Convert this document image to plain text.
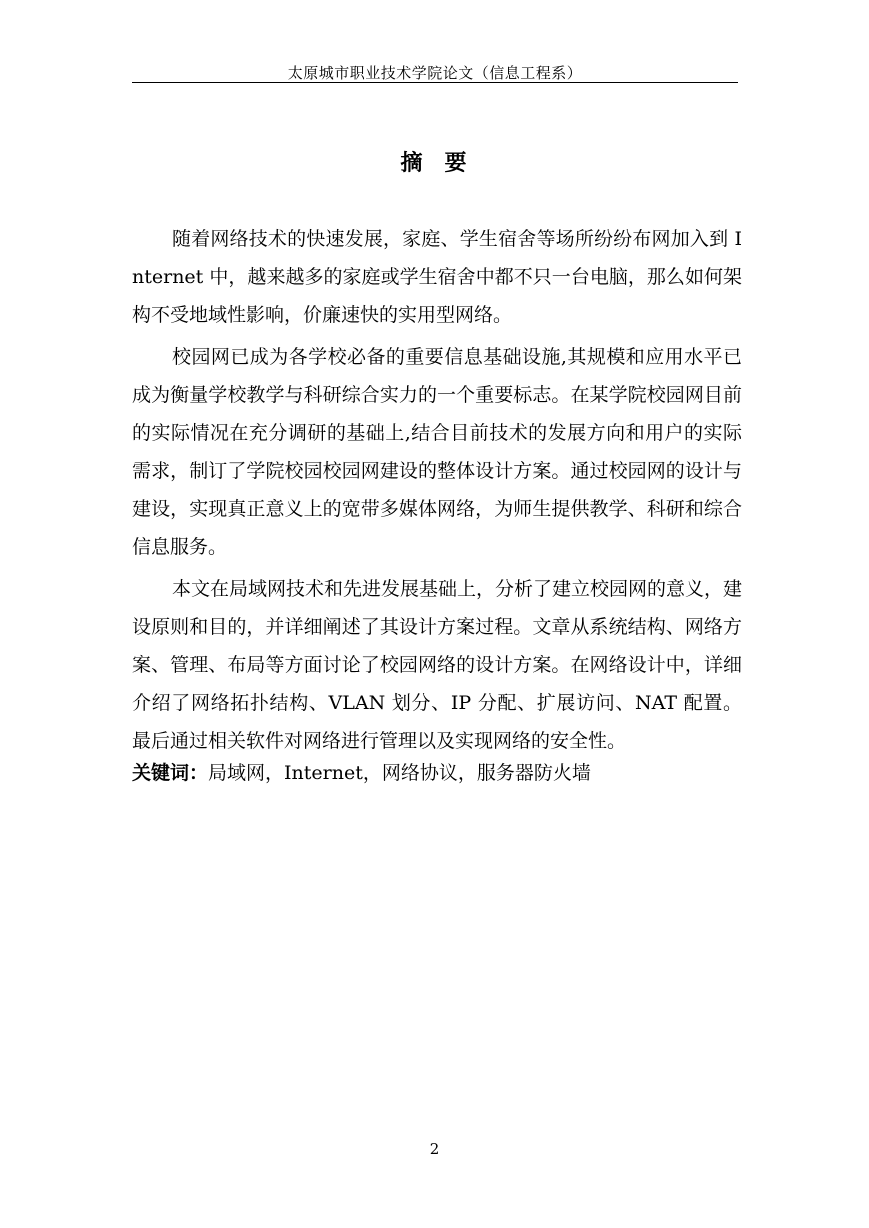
太原城市职业技术学院论文（信息工程系）
摘 要

随着网络技术的快速发展，家庭、学生宿舍等场所纷纷布网加入到 Internet 中，越来越多的家庭或学生宿舍中都不只一台电脑，那么如何架构不受地域性影响，价廉速快的实用型网络。

校园网已成为各学校必备的重要信息基础设施,其规模和应用水平已成为衡量学校教学与科研综合实力的一个重要标志。在某学院校园网目前的实际情况在充分调研的基础上,结合目前技术的发展方向和用户的实际需求，制订了学院校园校园网建设的整体设计方案。通过校园网的设计与建设，实现真正意义上的宽带多媒体网络，为师生提供教学、科研和综合信息服务。

本文在局域网技术和先进发展基础上，分析了建立校园网的意义，建设原则和目的，并详细阐述了其设计方案过程。文章从系统结构、网络方案、管理、布局等方面讨论了校园网络的设计方案。在网络设计中，详细介绍了网络拓扑结构、VLAN 划分、IP 分配、扩展访问、NAT 配置。最后通过相关软件对网络进行管理以及实现网络的安全性。

关键词：局域网，Internet，网络协议，服务器防火墙

2
